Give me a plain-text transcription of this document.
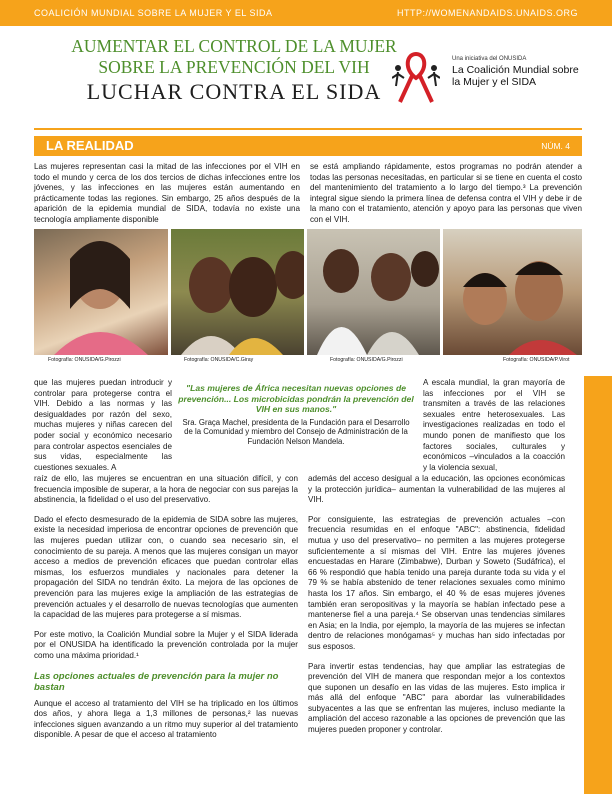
COALICIÓN MUNDIAL SOBRE LA MUJER Y EL SIDA	HTTP://WOMENANDAIDS.UNAIDS.ORG
AUMENTAR EL CONTROL DE LA MUJER
SOBRE LA PREVENCIÓN DEL VIH
LUCHAR CONTRA EL SIDA
Una iniciativa del ONUSIDA
La Coalición Mundial sobre la Mujer y el SIDA
LA REALIDAD	NÚM. 4
Las mujeres representan casi la mitad de las infecciones por el VIH en todo el mundo y cerca de los dos tercios de dichas infecciones entre los jóvenes, y las infecciones en las mujeres están aumentando en prácticamente todas las regiones. Sin embargo, 25 años después de la aparición de la epidemia mundial de SIDA, todavía no existe una tecnología ampliamente disponible
se está ampliando rápidamente, estos programas no podrán atender a todas las personas necesitadas, en particular si se tiene en cuenta el costo del mantenimiento del tratamiento a lo largo del tiempo.³ La prevención integral sigue siendo la primera línea de defensa contra el VIH y debe ir de la mano con el tratamiento, atención y apoyo para las personas que viven con el VIH.
Fotografía: ONUSIDA/G.Pirozzi	Fotografía: ONUSIDA/C.Giray	Fotografía: ONUSIDA/G.Pirozzi	Fotografía: ONUSIDA/P.Virot
que las mujeres puedan introducir y controlar para protegerse contra el VIH. Debido a las normas y las desigualdades por razón del sexo, muchas mujeres y niñas carecen del poder social y económico necesario para controlar aspectos esenciales de sus vidas, especialmente las cuestiones sexuales. A
"Las mujeres de África necesitan nuevas opciones de prevención... Los microbicidas pondrán la prevención del VIH en sus manos."
Sra. Graça Machel, presidenta de la Fundación para el Desarrollo de la Comunidad y miembro del Consejo de Administración de la Fundación Nelson Mandela.
A escala mundial, la gran mayoría de las infecciones por el VIH se transmiten a través de las relaciones sexuales entre heterosexuales. Las investigaciones realizadas en todo el mundo ponen de manifiesto que los factores sociales, culturales y económicos –vinculados a la coacción y la violencia sexual,

raíz de ello, las mujeres se encuentran en una situación difícil, y con frecuencia imposible de superar, a la hora de negociar con sus parejas la abstinencia, la fidelidad o el uso del preservativo.

Dado el efecto desmesurado de la epidemia de SIDA sobre las mujeres, existe la necesidad imperiosa de encontrar opciones de prevención que las mujeres puedan utilizar con, o cuando sea necesario sin, el conocimiento de su pareja. A menos que las mujeres consigan un mayor acceso a medios de prevención eficaces que puedan controlar ellas mismas, los esfuerzos mundiales y nacionales para detener la propagación del SIDA no tendrán éxito. La mejora de las opciones de prevención para las mujeres exige la ampliación de las estrategias de prevención actuales y el desarrollo de nuevas tecnologías que aumenten la capacidad de las mujeres para protegerse a sí mismas.

Por este motivo, la Coalición Mundial sobre la Mujer y el SIDA liderada por el ONUSIDA ha identificado la prevención controlada por la mujer como una máxima prioridad.¹

Las opciones actuales de prevención para la mujer no bastan

Aunque el acceso al tratamiento del VIH se ha triplicado en los últimos dos años, y ahora llega a 1,3 millones de personas,² las nuevas infecciones siguen avanzando a un ritmo muy superior al del tratamiento disponible. A pesar de que el acceso al tratamiento

además del acceso desigual a la educación, las opciones económicas y la protección jurídica– aumentan la vulnerabilidad de las mujeres al VIH.

Por consiguiente, las estrategias de prevención actuales –con frecuencia resumidas en el enfoque "ABC": abstinencia, fidelidad mutua y uso del preservativo– no permiten a las mujeres protegerse suficientemente a sí mismas del VIH. Entre las mujeres jóvenes encuestadas en Harare (Zimbabwe), Durban y Soweto (Sudáfrica), el 66 % respondió que había tenido una pareja durante toda su vida y el 79 % se había abstenido de tener relaciones sexuales como mínimo hasta los 17 años. Sin embargo, el 40 % de esas mujeres jóvenes también eran seropositivas y la mayoría se habían infectado pese a mantenerse fiel a una pareja.⁴ Se observan unas tendencias similares en Asia; en la India, por ejemplo, la mayoría de las mujeres se infectan dentro de relaciones monógamas⁵ y muchas han sido infectadas por sus esposos.

Para invertir estas tendencias, hay que ampliar las estrategias de prevención del VIH de manera que respondan mejor a los contextos que suponen un desafío en las vidas de las mujeres. Esto implica ir más allá del enfoque "ABC" para abordar las vulnerabilidades subyacentes a las que se enfrentan las mujeres, incluso mediante la ampliación del acceso razonable a las opciones de prevención que las mujeres pueden proponer y controlar.
